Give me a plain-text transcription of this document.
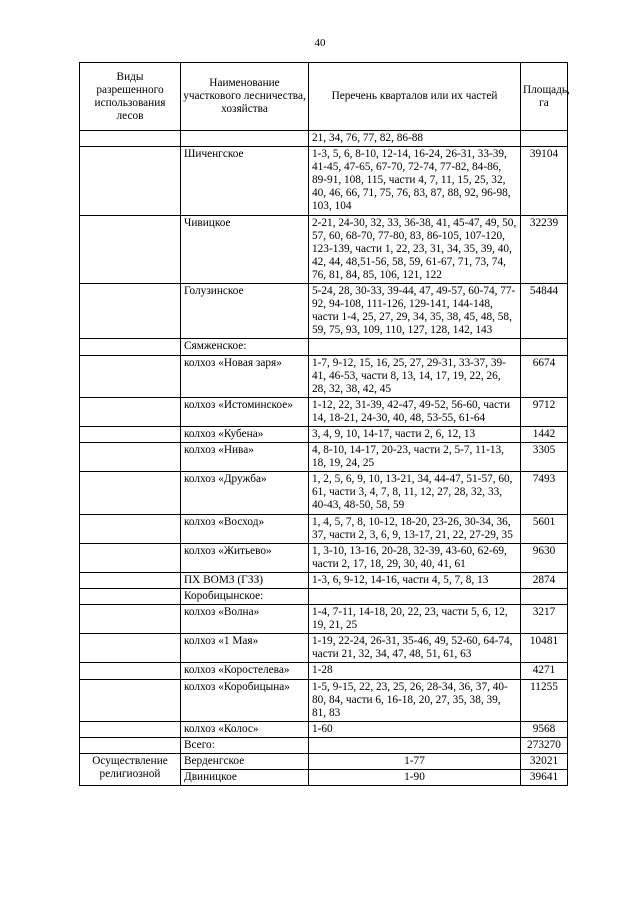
40
Виды разрешенного использования лесов	Наименование участкового лесничества, хозяйства	Перечень кварталов или их частей	Площадь, га
		21, 34, 76, 77, 82, 86-88	
	Шиченгское	1-3, 5, 6, 8-10, 12-14, 16-24, 26-31, 33-39, 41-45, 47-65, 67-70, 72-74, 77-82, 84-86, 89-91, 108, 115, части 4, 7, 11, 15, 25, 32, 40, 46, 66, 71, 75, 76, 83, 87, 88, 92, 96-98, 103, 104	39104
	Чивицкое	2-21, 24-30, 32, 33, 36-38, 41, 45-47, 49, 50, 57, 60, 68-70, 77-80, 83, 86-105, 107-120, 123-139, части 1, 22, 23, 31, 34, 35, 39, 40, 42, 44, 48,51-56, 58, 59, 61-67, 71, 73, 74, 76, 81, 84, 85, 106, 121, 122	32239
	Голузинское	5-24, 28, 30-33, 39-44, 47, 49-57, 60-74, 77-92, 94-108, 111-126, 129-141, 144-148, части 1-4, 25, 27, 29, 34, 35, 38, 45, 48, 58, 59, 75, 93, 109, 110, 127, 128, 142, 143	54844
	Сямженское:		
	колхоз «Новая заря»	1-7, 9-12, 15, 16, 25, 27, 29-31, 33-37, 39-41, 46-53, части 8, 13, 14, 17, 19, 22, 26, 28, 32, 38, 42, 45	6674
	колхоз «Истоминское»	1-12, 22, 31-39, 42-47, 49-52, 56-60, части 14, 18-21, 24-30, 40, 48, 53-55, 61-64	9712
	колхоз «Кубена»	3, 4, 9, 10, 14-17, части 2, 6, 12, 13	1442
	колхоз «Нива»	4, 8-10, 14-17, 20-23, части 2, 5-7, 11-13, 18, 19, 24, 25	3305
	колхоз «Дружба»	1, 2, 5, 6, 9, 10, 13-21, 34, 44-47, 51-57, 60, 61, части 3, 4, 7, 8, 11, 12, 27, 28, 32, 33, 40-43, 48-50, 58, 59	7493
	колхоз «Восход»	1, 4, 5, 7, 8, 10-12, 18-20, 23-26, 30-34, 36, 37, части 2, 3, 6, 9, 13-17, 21, 22, 27-29, 35	5601
	колхоз «Житьево»	1, 3-10, 13-16, 20-28, 32-39, 43-60, 62-69, части 2, 17, 18, 29, 30, 40, 41, 61	9630
	ПХ ВОМЗ (ГЗЗ)	1-3, 6, 9-12, 14-16, части 4, 5, 7, 8, 13	2874
	Коробицынское:		
	колхоз «Волна»	1-4, 7-11, 14-18, 20, 22, 23, части 5, 6, 12, 19, 21, 25	3217
	колхоз «1 Мая»	1-19, 22-24, 26-31, 35-46, 49, 52-60, 64-74, части 21, 32, 34, 47, 48, 51, 61, 63	10481
	колхоз «Коростелева»	1-28	4271
	колхоз «Коробицына»	1-5, 9-15, 22, 23, 25, 26, 28-34, 36, 37, 40-80, 84, части 6, 16-18, 20, 27, 35, 38, 39, 81, 83	11255
	колхоз «Колос»	1-60	9568
	Всего:		273270
Осуществление религиозной	Верденгское	1-77	32021
	Двиницкое	1-90	39641
